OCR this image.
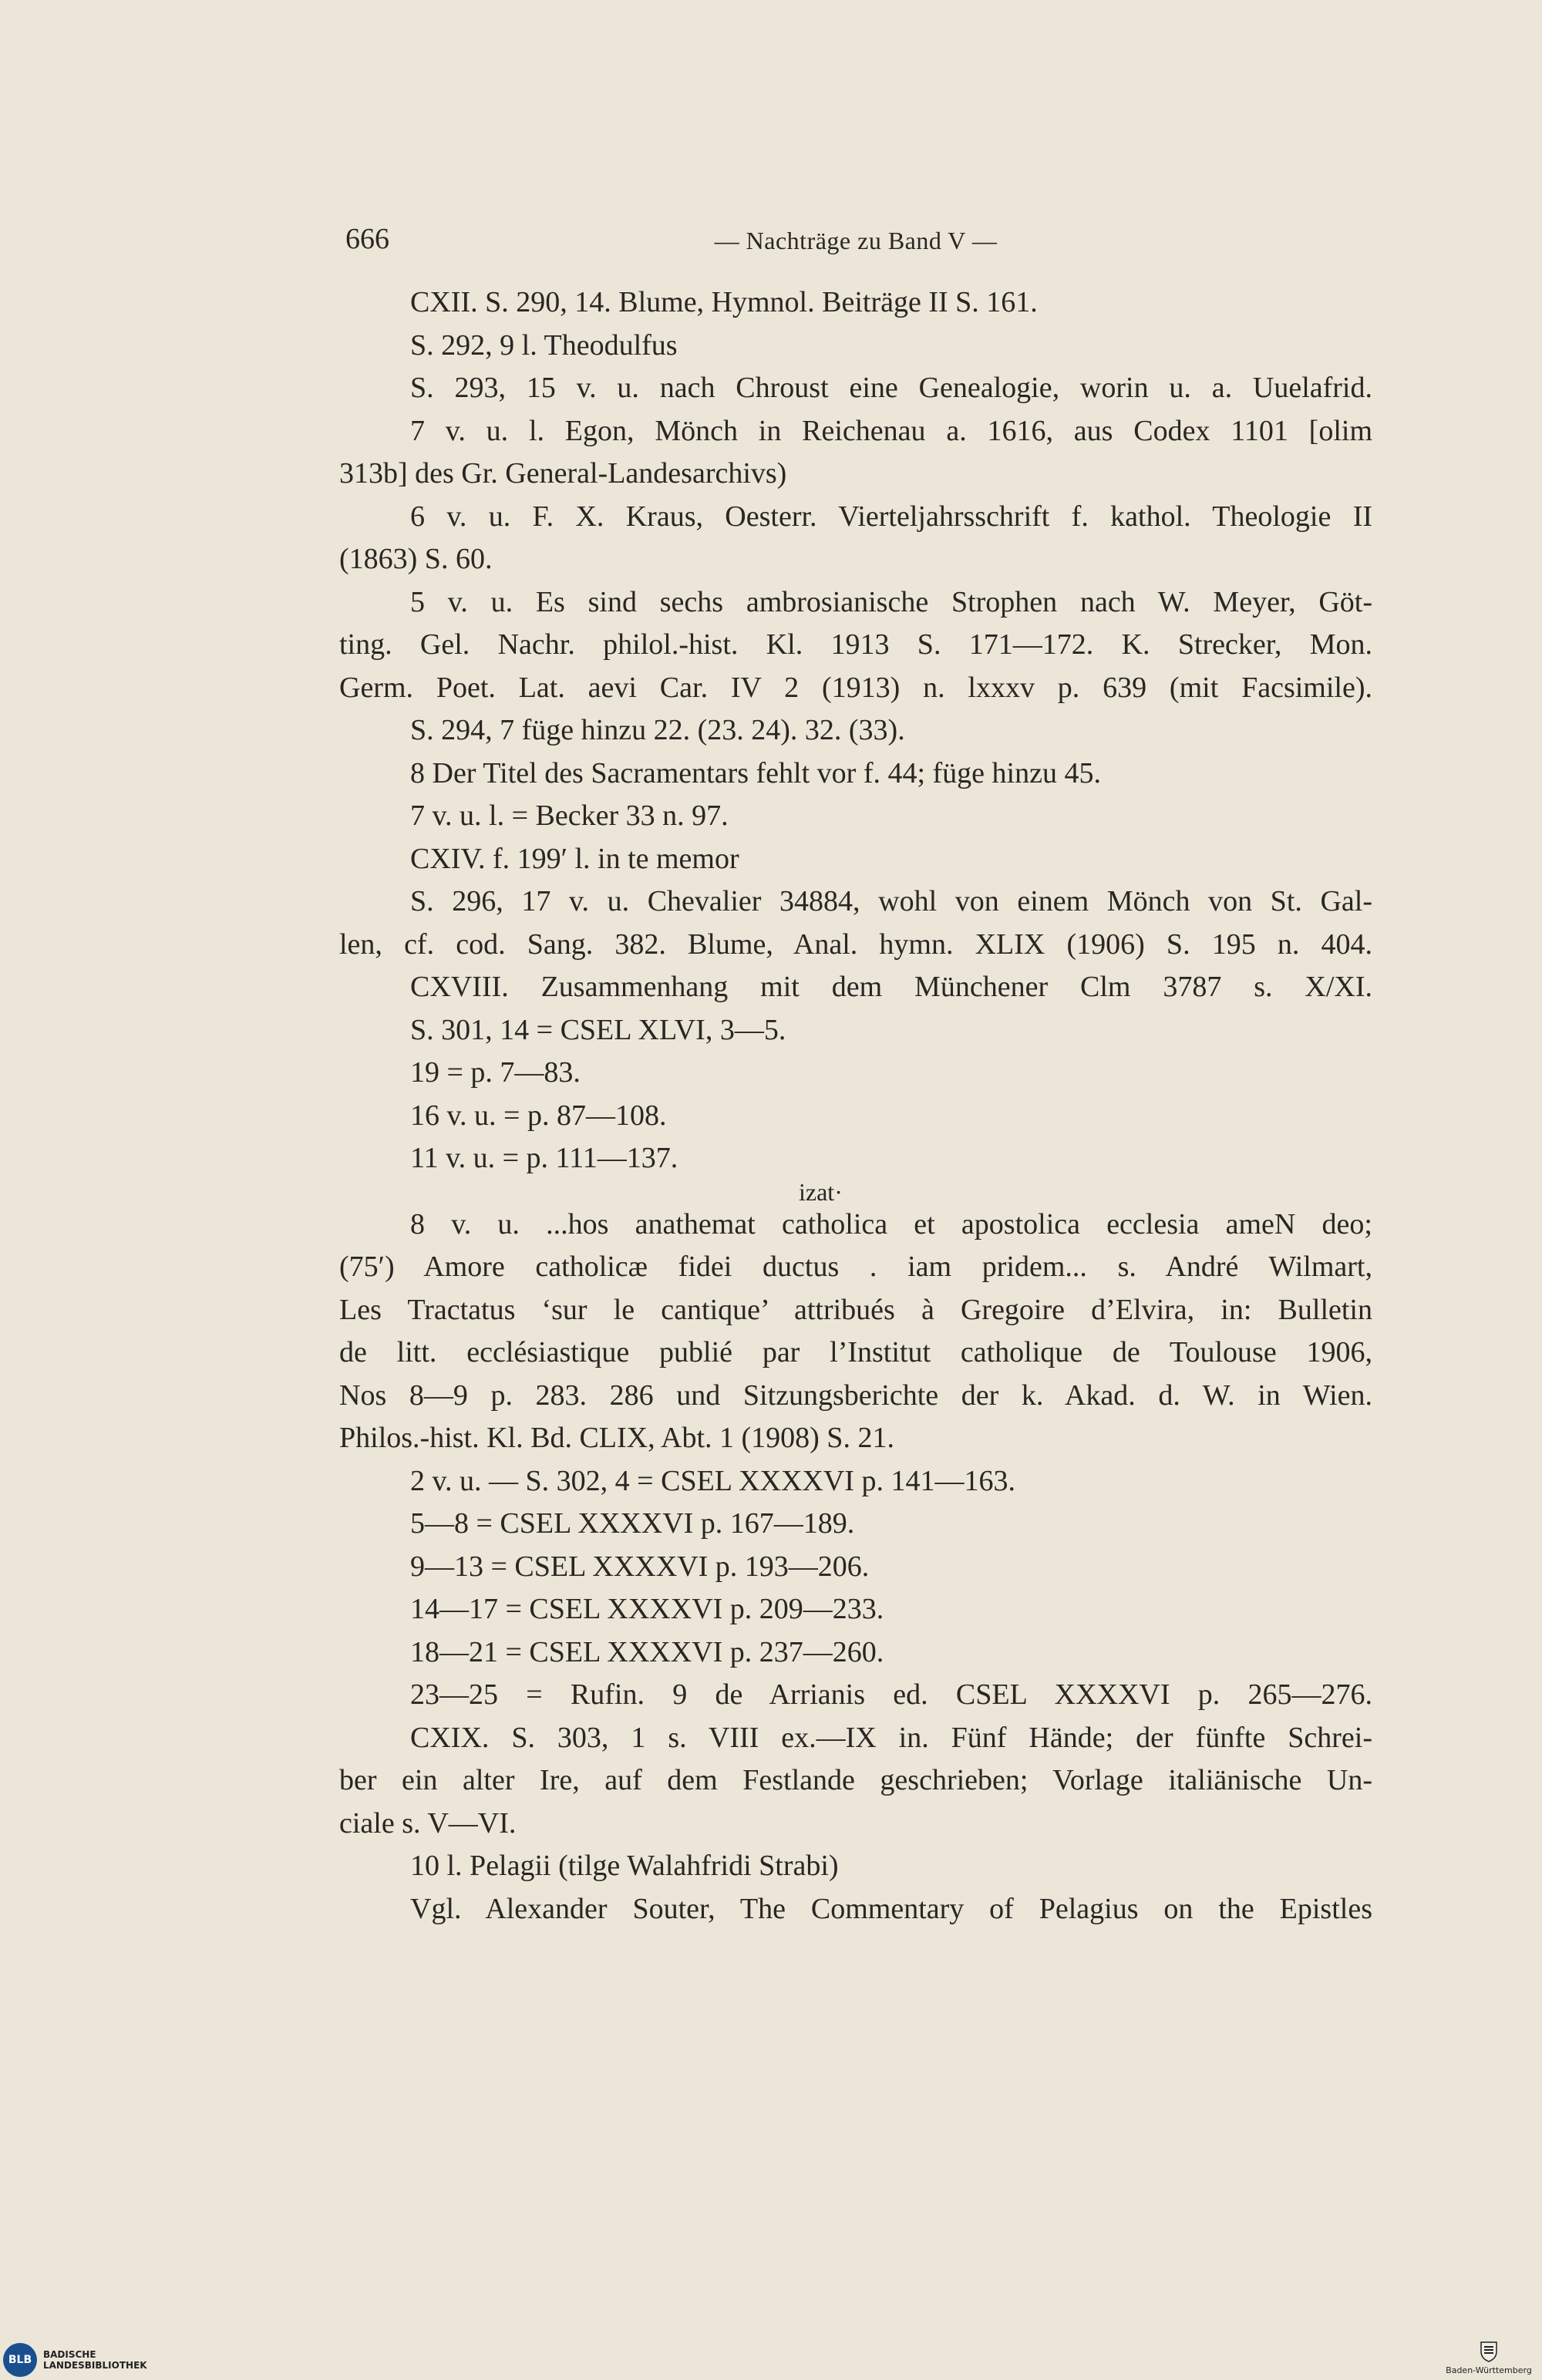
666	— Nachträge zu Band V —
CXII. S. 290, 14. Blume, Hymnol. Beiträge II S. 161.
S. 292, 9 l. Theodulfus
S. 293, 15 v. u. nach Chroust eine Genealogie, worin u. a. Uuelafrid.
7 v. u. l. Egon, Mönch in Reichenau a. 1616, aus Codex 1101 [olim
313b] des Gr. General-Landesarchivs)
6 v. u. F. X. Kraus, Oesterr. Vierteljahrsschrift f. kathol. Theologie II
(1863) S. 60.
5 v. u. Es sind sechs ambrosianische Strophen nach W. Meyer, Göt-
ting. Gel. Nachr. philol.-hist. Kl. 1913 S. 171—172. K. Strecker, Mon.
Germ. Poet. Lat. aevi Car. IV 2 (1913) n. lxxxv p. 639 (mit Facsimile).
S. 294, 7 füge hinzu 22. (23. 24). 32. (33).
8 Der Titel des Sacramentars fehlt vor f. 44; füge hinzu 45.
7 v. u. l. = Becker 33 n. 97.
CXIV. f. 199′ l. in te memor
S. 296, 17 v. u. Chevalier 34884, wohl von einem Mönch von St. Gal-
len, cf. cod. Sang. 382. Blume, Anal. hymn. XLIX (1906) S. 195 n. 404.
CXVIII. Zusammenhang mit dem Münchener Clm 3787 s. X/XI.
S. 301, 14 = CSEL XLVI, 3—5.
19 = p. 7—83.
16 v. u. = p. 87—108.
11 v. u. = p. 111—137.
izat·
8 v. u. ...hos anathemat catholica et apostolica ecclesia ameN deo;
(75′) Amore catholicæ fidei ductus . iam pridem... s. André Wilmart,
Les Tractatus ‘sur le cantique’ attribués à Gregoire d’Elvira, in: Bulletin
de litt. ecclésiastique publié par l’Institut catholique de Toulouse 1906,
Nos 8—9 p. 283. 286 und Sitzungsberichte der k. Akad. d. W. in Wien.
Philos.-hist. Kl. Bd. CLIX, Abt. 1 (1908) S. 21.
2 v. u. — S. 302, 4 = CSEL XXXXVI p. 141—163.
5—8 = CSEL XXXXVI p. 167—189.
9—13 = CSEL XXXXVI p. 193—206.
14—17 = CSEL XXXXVI p. 209—233.
18—21 = CSEL XXXXVI p. 237—260.
23—25 = Rufin. 9 de Arrianis ed. CSEL XXXXVI p. 265—276.
CXIX. S. 303, 1 s. VIII ex.—IX in. Fünf Hände; der fünfte Schrei-
ber ein alter Ire, auf dem Festlande geschrieben; Vorlage italiänische Un-
ciale s. V—VI.
10 l. Pelagii (tilge Walahfridi Strabi)
Vgl. Alexander Souter, The Commentary of Pelagius on the Epistles
BLB	BADISCHE
LANDESBIBLIOTHEK	Baden-Württemberg
